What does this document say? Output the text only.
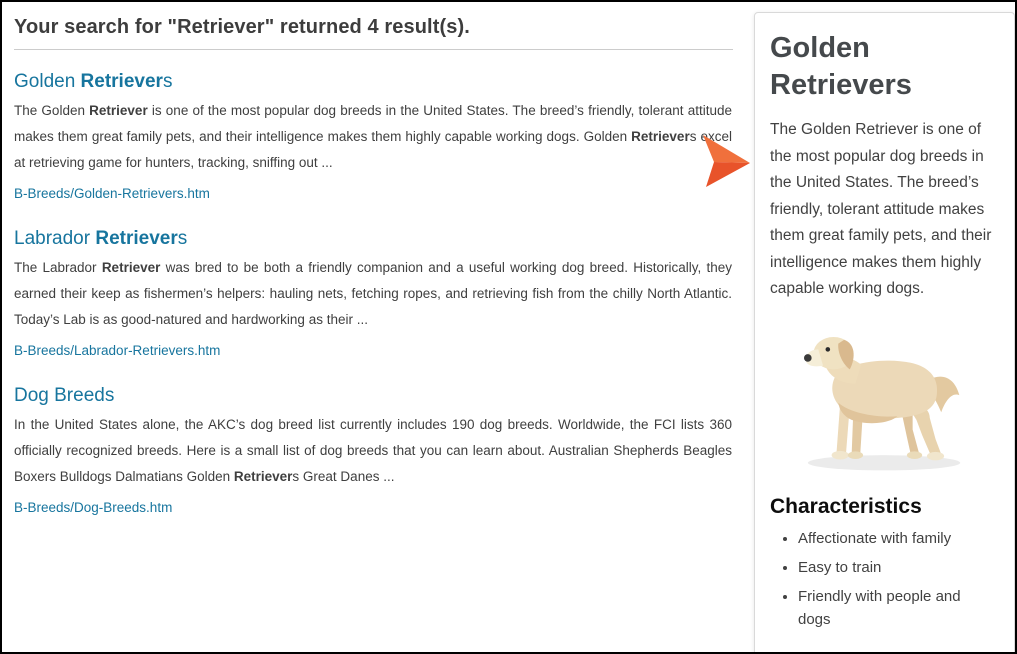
Your search for "Retriever" returned 4 result(s).
Golden Retrievers

The Golden Retriever is one of the most popular dog breeds in the United States. The breed’s friendly, tolerant attitude makes them great family pets, and their intelligence makes them highly capable working dogs. Golden Retrievers excel at retrieving game for hunters, tracking, sniffing out ...

B-Breeds/Golden-Retrievers.htm
Labrador Retrievers

The Labrador Retriever was bred to be both a friendly companion and a useful working dog breed. Historically, they earned their keep as fishermen’s helpers: hauling nets, fetching ropes, and retrieving fish from the chilly North Atlantic. Today’s Lab is as good-natured and hardworking as their ...

B-Breeds/Labrador-Retrievers.htm
Dog Breeds

In the United States alone, the AKC’s dog breed list currently includes 190 dog breeds. Worldwide, the FCI lists 360 officially recognized breeds. Here is a small list of dog breeds that you can learn about. Australian Shepherds Beagles Boxers Bulldogs Dalmatians Golden Retrievers Great Danes ...

B-Breeds/Dog-Breeds.htm
Golden Retrievers

The Golden Retriever is one of the most popular dog breeds in the United States. The breed’s friendly, tolerant attitude makes them great family pets, and their intelligence makes them highly capable working dogs.

Characteristics
• Affectionate with family
• Easy to train
• Friendly with people and dogs
